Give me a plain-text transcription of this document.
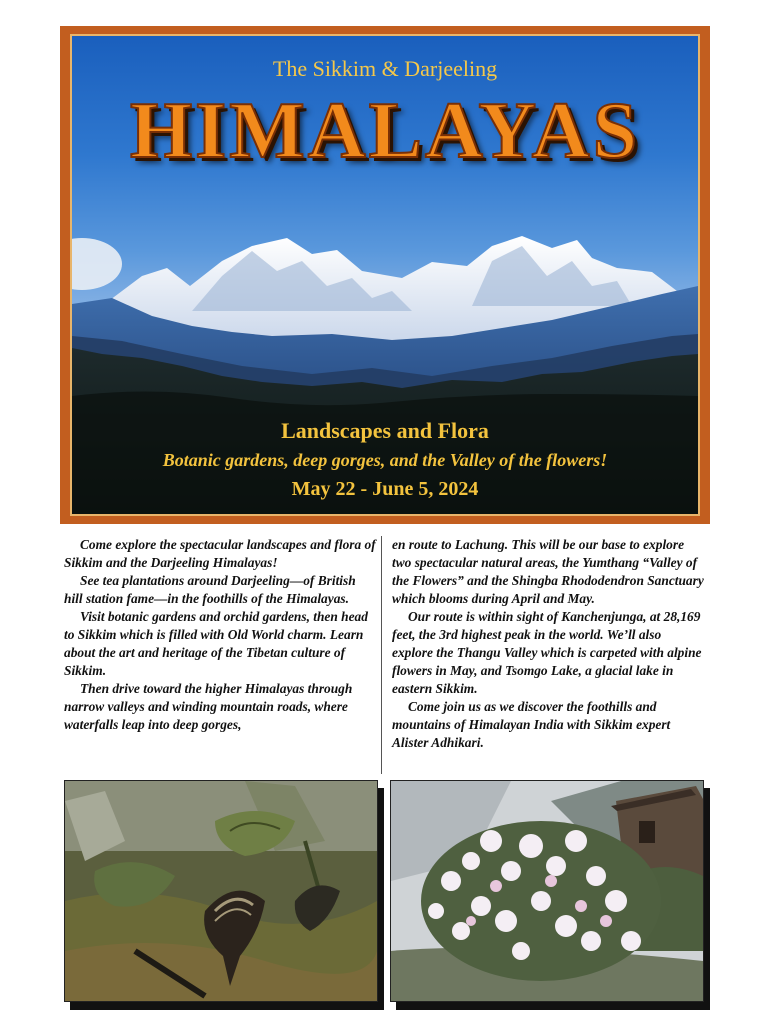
The Sikkim & Darjeeling
HIMALAYAS
Landscapes and Flora
Botanic gardens, deep gorges, and the Valley of the flowers!
May 22 - June 5, 2024

Come explore the spectacular landscapes and flora of Sikkim and the Darjeeling Himalayas!

See tea plantations around Darjeeling—of British hill station fame—in the foothills of the Himalayas.

Visit botanic gardens and orchid gardens, then head to Sikkim which is filled with Old World charm. Learn about the art and heritage of the Tibetan culture of Sikkim.

Then drive toward the higher Himalayas through narrow valleys and winding mountain roads, where waterfalls leap into deep gorges,

en route to Lachung. This will be our base to explore two spectacular natural areas, the Yumthang “Valley of the Flowers” and the Shingba Rhododendron Sanctuary which blooms during April and May.

Our route is within sight of Kanchenjunga, at 28,169 feet, the 3rd highest peak in the world. We’ll also explore the Thangu Valley which is carpeted with alpine flowers in May, and Tsomgo Lake, a glacial lake in eastern Sikkim.

Come join us as we discover the foothills and mountains of Himalayan India with Sikkim expert Alister Adhikari.
